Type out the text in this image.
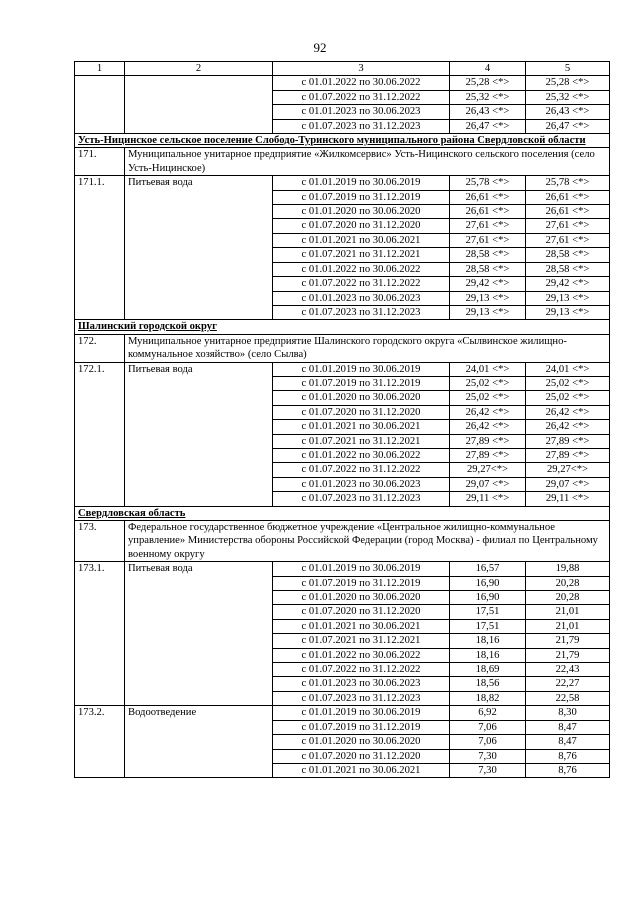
92
1	2	3	4	5
		с 01.01.2022 по 30.06.2022	25,28 <*>	25,28 <*>
		с 01.07.2022 по 31.12.2022	25,32 <*>	25,32 <*>
		с 01.01.2023 по 30.06.2023	26,43 <*>	26,43 <*>
		с 01.07.2023 по 31.12.2023	26,47 <*>	26,47 <*>
Усть-Ницинское сельское поселение Слободо-Туринского муниципального района Свердловской области				
171.	Муниципальное унитарное предприятие «Жилкомсервис» Усть-Ницинского сельского поселения (село Усть-Ницинское)			
171.1.	Питьевая вода	с 01.01.2019 по 30.06.2019	25,78 <*>	25,78 <*>
		с 01.07.2019 по 31.12.2019	26,61 <*>	26,61 <*>
		с 01.01.2020 по 30.06.2020	26,61 <*>	26,61 <*>
		с 01.07.2020 по 31.12.2020	27,61 <*>	27,61 <*>
		с 01.01.2021 по 30.06.2021	27,61 <*>	27,61 <*>
		с 01.07.2021 по 31.12.2021	28,58 <*>	28,58 <*>
		с 01.01.2022 по 30.06.2022	28,58 <*>	28,58 <*>
		с 01.07.2022 по 31.12.2022	29,42 <*>	29,42 <*>
		с 01.01.2023 по 30.06.2023	29,13 <*>	29,13 <*>
		с 01.07.2023 по 31.12.2023	29,13 <*>	29,13 <*>
Шалинский городской округ				
172.	Муниципальное унитарное предприятие Шалинского городского округа «Сылвинское жилищно-коммунальное хозяйство» (село Сылва)			
172.1.	Питьевая вода	с 01.01.2019 по 30.06.2019	24,01 <*>	24,01 <*>
		с 01.07.2019 по 31.12.2019	25,02 <*>	25,02 <*>
		с 01.01.2020 по 30.06.2020	25,02 <*>	25,02 <*>
		с 01.07.2020 по 31.12.2020	26,42 <*>	26,42 <*>
		с 01.01.2021 по 30.06.2021	26,42 <*>	26,42 <*>
		с 01.07.2021 по 31.12.2021	27,89 <*>	27,89 <*>
		с 01.01.2022 по 30.06.2022	27,89 <*>	27,89 <*>
		с 01.07.2022 по 31.12.2022	29,27<*>	29,27<*>
		с 01.01.2023 по 30.06.2023	29,07 <*>	29,07 <*>
		с 01.07.2023 по 31.12.2023	29,11 <*>	29,11 <*>
Свердловская область				
173.	Федеральное государственное бюджетное учреждение «Центральное жилищно-коммунальное управление» Министерства обороны Российской Федерации (город Москва) - филиал по Центральному военному округу			
173.1.	Питьевая вода	с 01.01.2019 по 30.06.2019	16,57	19,88
		с 01.07.2019 по 31.12.2019	16,90	20,28
		с 01.01.2020 по 30.06.2020	16,90	20,28
		с 01.07.2020 по 31.12.2020	17,51	21,01
		с 01.01.2021 по 30.06.2021	17,51	21,01
		с 01.07.2021 по 31.12.2021	18,16	21,79
		с 01.01.2022 по 30.06.2022	18,16	21,79
		с 01.07.2022 по 31.12.2022	18,69	22,43
		с 01.01.2023 по 30.06.2023	18,56	22,27
		с 01.07.2023 по 31.12.2023	18,82	22,58
173.2.	Водоотведение	с 01.01.2019 по 30.06.2019	6,92	8,30
		с 01.07.2019 по 31.12.2019	7,06	8,47
		с 01.01.2020 по 30.06.2020	7,06	8,47
		с 01.07.2020 по 31.12.2020	7,30	8,76
		с 01.01.2021 по 30.06.2021	7,30	8,76
